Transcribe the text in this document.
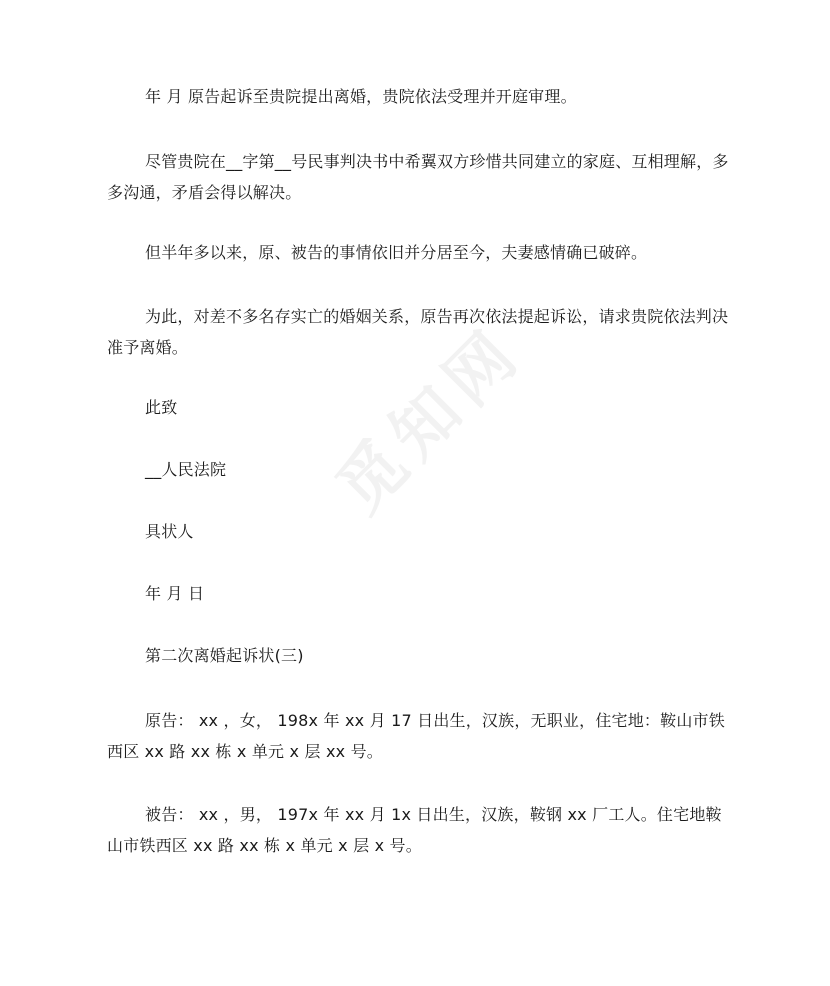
年 月 原告起诉至贵院提出离婚，贵院依法受理并开庭审理。

尽管贵院在__字第__号民事判决书中希翼双方珍惜共同建立的家庭、互相理解，多多沟通，矛盾会得以解决。

但半年多以来，原、被告的事情依旧并分居至今，夫妻感情确已破碎。

为此，对差不多名存实亡的婚姻关系，原告再次依法提起诉讼，请求贵院依法判决准予离婚。

此致

__人民法院

具状人

年 月 日

第二次离婚起诉状(三)

原告： xx ，女， 198x 年 xx 月 17 日出生，汉族，无职业，住宅地：鞍山市铁西区 xx 路 xx 栋 x 单元 x 层 xx 号。

被告： xx ，男， 197x 年 xx 月 1x 日出生，汉族，鞍钢 xx 厂工人。住宅地鞍山市铁西区 xx 路 xx 栋 x 单元 x 层 x 号。

觅知网
